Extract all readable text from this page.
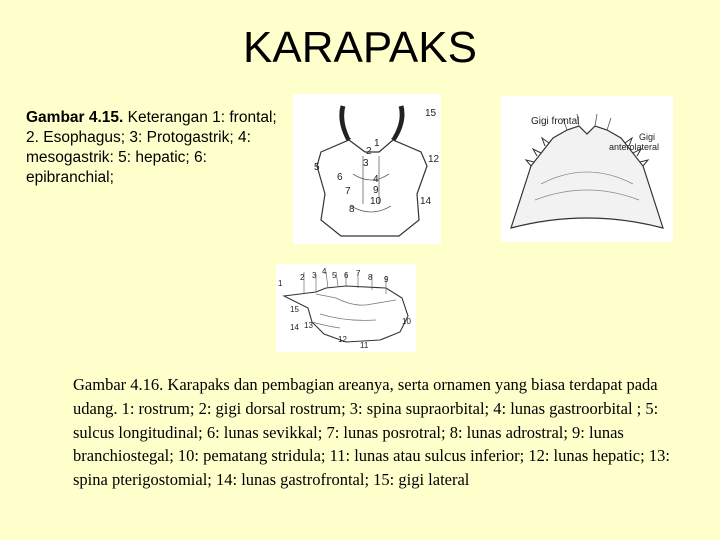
KARAPAKS
Gambar 4.15. Keterangan 1: frontal; 2. Esophagus; 3: Protogastrik; 4: mesogastrik: 5: hepatic; 6: epibranchial;
15
1
2
3
5
6
7
8
10
12
14
4
9
Gigi frontal
Gigi
anterolateral
1
2 3 4 5 6 7 8 9
10
11
12
13
14
15
Gambar 4.16. Karapaks dan pembagian areanya, serta ornamen yang biasa terdapat pada udang. 1: rostrum; 2: gigi dorsal rostrum; 3: spina supraorbital; 4: lunas gastroorbital ; 5: sulcus longitudinal; 6: lunas sevikkal; 7: lunas posrotral; 8: lunas adrostral; 9: lunas branchiostegal; 10: pematang stridula; 11: lunas atau sulcus inferior; 12: lunas hepatic; 13: spina pterigostomial; 14: lunas gastrofrontal; 15: gigi lateral
